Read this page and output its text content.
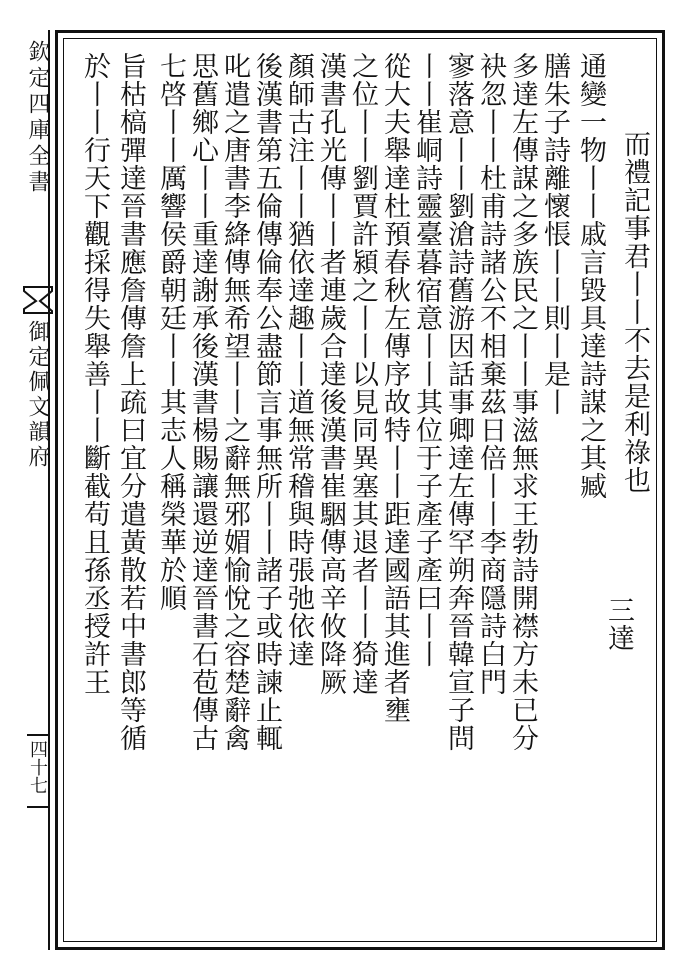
欽定四庫全書
御定佩文韻府
四十七
而禮記事君丨丨不去是利祿也
三達
通變一物丨丨戚言毀具達詩謀之其臧
膳朱子詩離懷悵丨丨則丨是丨
多達左傳謀之多族民之丨丨事滋無求王勃詩開襟方未已分
袂忽丨丨杜甫詩諸公不相棄茲日倍丨丨李商隱詩白門
寥落意丨丨劉滄詩舊游因話事卿達左傳罕朔奔晉韓宣子問
丨丨崔峒詩靈臺暮宿意丨丨其位于子產子產曰丨丨
從大夫舉達杜預春秋左傳序故特丨丨距達國語其進者壅
之位丨丨劉賈許潁之丨丨以見同異塞其退者丨丨猗達
漢書孔光傳丨丨者連歲合達後漢書崔駰傳高辛攸降厥
顏師古注丨丨猶依達趣丨丨道無常稽與時張弛依達
後漢書第五倫傳倫奉公盡節言事無所丨丨諸子或時諫止輒
叱遣之唐書李絳傳無希望丨丨之辭無邪媚愉悅之容楚辭禽
思舊鄉心丨丨重達謝承後漢書楊賜讓還逆達晉書石苞傳古
七啓丨丨厲響侯爵朝廷丨丨其志人稱榮華於順
旨枯槁彈達晉書應詹傳詹上疏曰宜分遣黃散若中書郎等循
於丨丨行天下觀採得失舉善丨丨斷截苟且孫丞授許王
